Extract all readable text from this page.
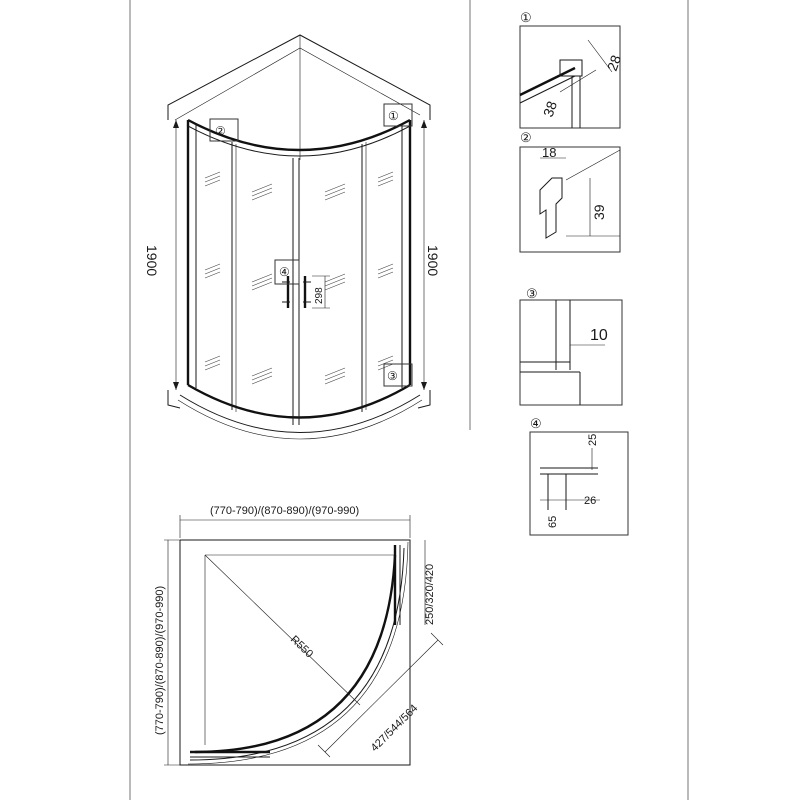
298
1900	1900
①
②
④
③
①
28
38
②
18
39
③
10
④
25
26
65
(770-790)/(870-890)/(970-990)
(770-790)/(870-890)/(970-990)	250/320/420
R550
427/544/564
